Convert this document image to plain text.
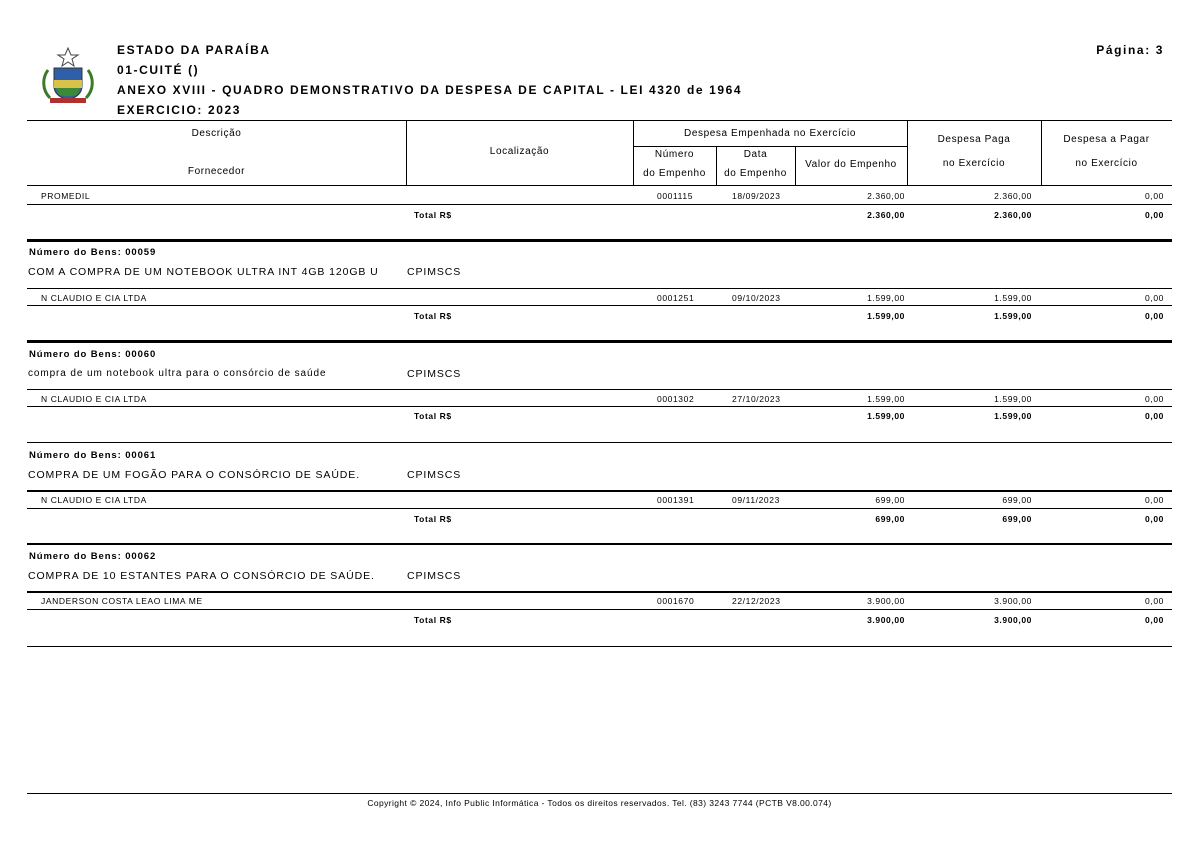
ESTADO DA PARAÍBA
01-CUITÉ ()
ANEXO XVIII - QUADRO DEMONSTRATIVO DA DESPESA DE CAPITAL - LEI 4320 de 1964
EXERCICIO: 2023
Página: 3
Descrição
Fornecedor
Localização
Despesa Empenhada no Exercício
Número
do Empenho
Data
do Empenho
Valor do Empenho
Despesa Paga
no Exercício
Despesa a Pagar
no Exercício
PROMEDIL	0001115	18/09/2023	2.360,00	2.360,00	0,00
Total R$	2.360,00	2.360,00	0,00
Número do Bens: 00059
COM A COMPRA DE UM NOTEBOOK ULTRA INT 4GB 120GB U	CPIMSCS
N CLAUDIO E CIA LTDA	0001251	09/10/2023	1.599,00	1.599,00	0,00
Total R$	1.599,00	1.599,00	0,00
Número do Bens: 00060
compra de um notebook ultra para o consórcio de saúde	CPIMSCS
N CLAUDIO E CIA LTDA	0001302	27/10/2023	1.599,00	1.599,00	0,00
Total R$	1.599,00	1.599,00	0,00
Número do Bens: 00061
COMPRA DE UM FOGÃO PARA O CONSÓRCIO DE SAÚDE.	CPIMSCS
N CLAUDIO E CIA LTDA	0001391	09/11/2023	699,00	699,00	0,00
Total R$	699,00	699,00	0,00
Número do Bens: 00062
COMPRA DE 10 ESTANTES PARA O CONSÓRCIO DE SAÚDE.	CPIMSCS
JANDERSON COSTA LEAO LIMA ME	0001670	22/12/2023	3.900,00	3.900,00	0,00
Total R$	3.900,00	3.900,00	0,00
Copyright © 2024, Info Public Informática - Todos os direitos reservados. Tel. (83) 3243 7744 (PCTB V8.00.074)
